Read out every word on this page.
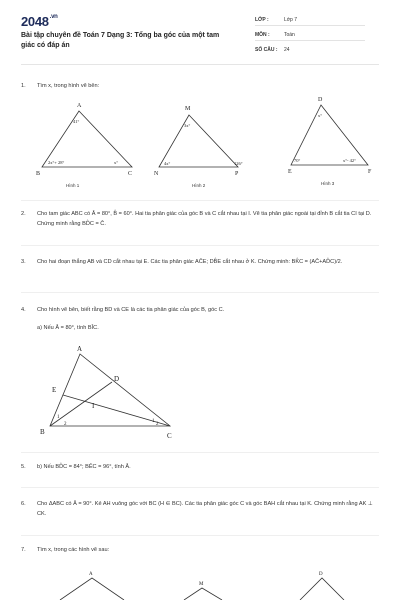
$2048^{.vn}$
Bài tập chuyên đề Toán 7 Dạng 3: Tổng ba góc của một tam giác có đáp án
LỚP :	Lớp 7
MÔN :	Toán
SỐ CÂU : 24
1. Tìm x, trong hình vẽ bên:
A
B	C
41°
2x°+ 28°	x°
Hình 1
M
N	P
3x°
4x°	126°
Hình 2
D
E	F
x°
70°	x°- 42°
Hình 3
2. Cho tam giác ABC có Â = 80°, B̂ = 60°. Hai tia phân giác của góc B và C cắt nhau tại I. Vẽ tia phân giác ngoài tại đỉnh B cắt tia CI tại D. Chứng minh rằng BD̂C = Ĉ.
3. Cho hai đoạn thẳng AB và CD cắt nhau tại E. Các tia phân giác AĈE; DB̂E cắt nhau ở K. Chứng minh: BK̂C = (AĈ+AD̂C)/2.
4. Cho hình vẽ bên, biết rằng BD và CE là các tia phân giác của góc B, góc C.
a) Nếu Â = 80°, tính BÎC.
A
B	C
D
E
I
1
2
1
2
5. b) Nếu BD̂C = 84°; BÊC = 96°, tính Â.
6. Cho ΔABC có Â = 90°. Kẻ AH vuông góc với BC (H ∈ BC). Các tia phân giác góc C và góc BAH cắt nhau tại K. Chứng minh rằng AK ⊥ CK.
7. Tìm x, trong các hình vẽ sau:
A
M
D
